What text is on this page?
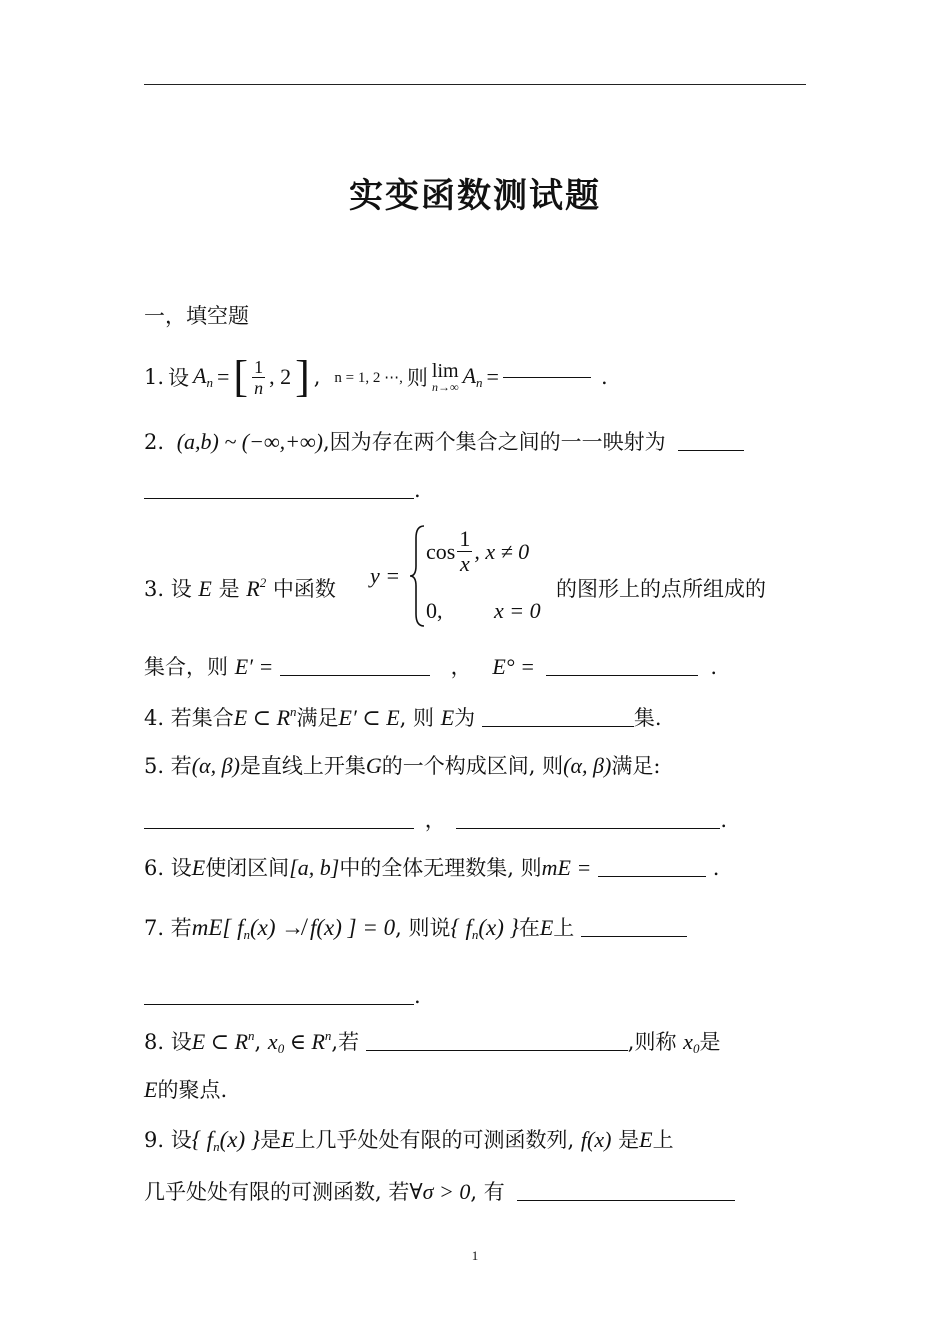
实变函数测试题
一，填空题
1. 设 $A_n$ = [ $\frac{1}{n}$ , 2 ] , n = 1, 2 ⋯, 则 lim
n→∞ $A_n$ =	.
2. (a,b) ~ (−∞,+∞),因为存在两个集合之间的一一映射为
.
3. 设 E 是 $R^2$ 中函数
y =
$\cos \frac{1}{x}$ , x ≠ 0
0, x = 0
的图形上的点所组成的
集合，则 E′ =	， E° =	.
4. 若集合E ⊂ $R^n$满足E′ ⊂ E, 则 E为	集.
5. 若(α, β)是直线上开集G的一个构成区间, 则(α, β)满足:
，	.
6. 设E使闭区间[a, b]中的全体无理数集, 则mE =	.
7. 若mE[ $f_n(x)$ ↛ f(x) ] = 0, 则说{ $f_n(x)$ }在E上
.
8. 设E ⊂ $R^n$, $x_0$ ∈ $R^n$,若	,则称 $x_0$是
E的聚点.
9. 设{ $f_n(x)$ }是E上几乎处处有限的可测函数列, f(x) 是E上
几乎处处有限的可测函数, 若∀σ > 0, 有
1
